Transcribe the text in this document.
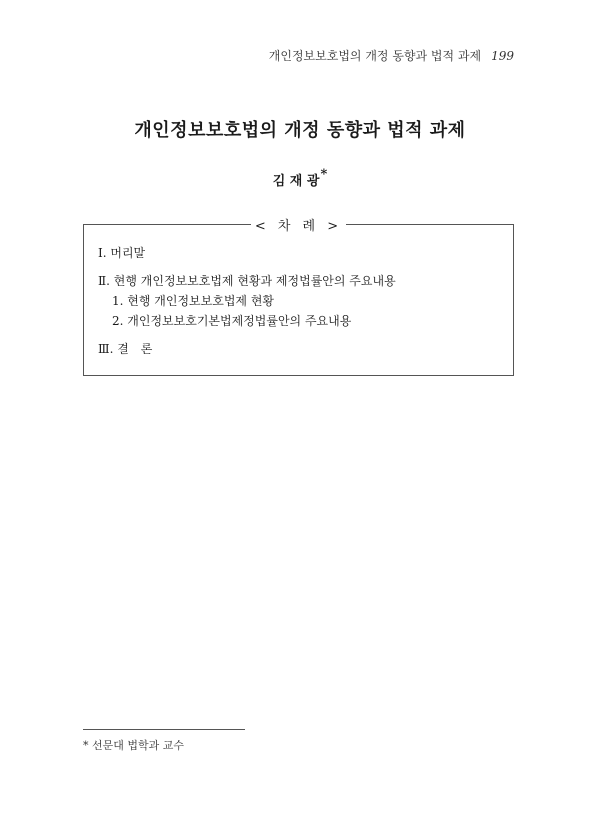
개인정보보호법의 개정 동향과 법적 과제 199
개인정보보호법의 개정 동향과 법적 과제
김 재 광*
< 차 례 >
Ⅰ. 머리말
Ⅱ. 현행 개인정보보호법제 현황과 제정법률안의 주요내용
1. 현행 개인정보보호법제 현황
2. 개인정보보호기본법제정법률안의 주요내용
Ⅲ. 결　론
* 선문대 법학과 교수
